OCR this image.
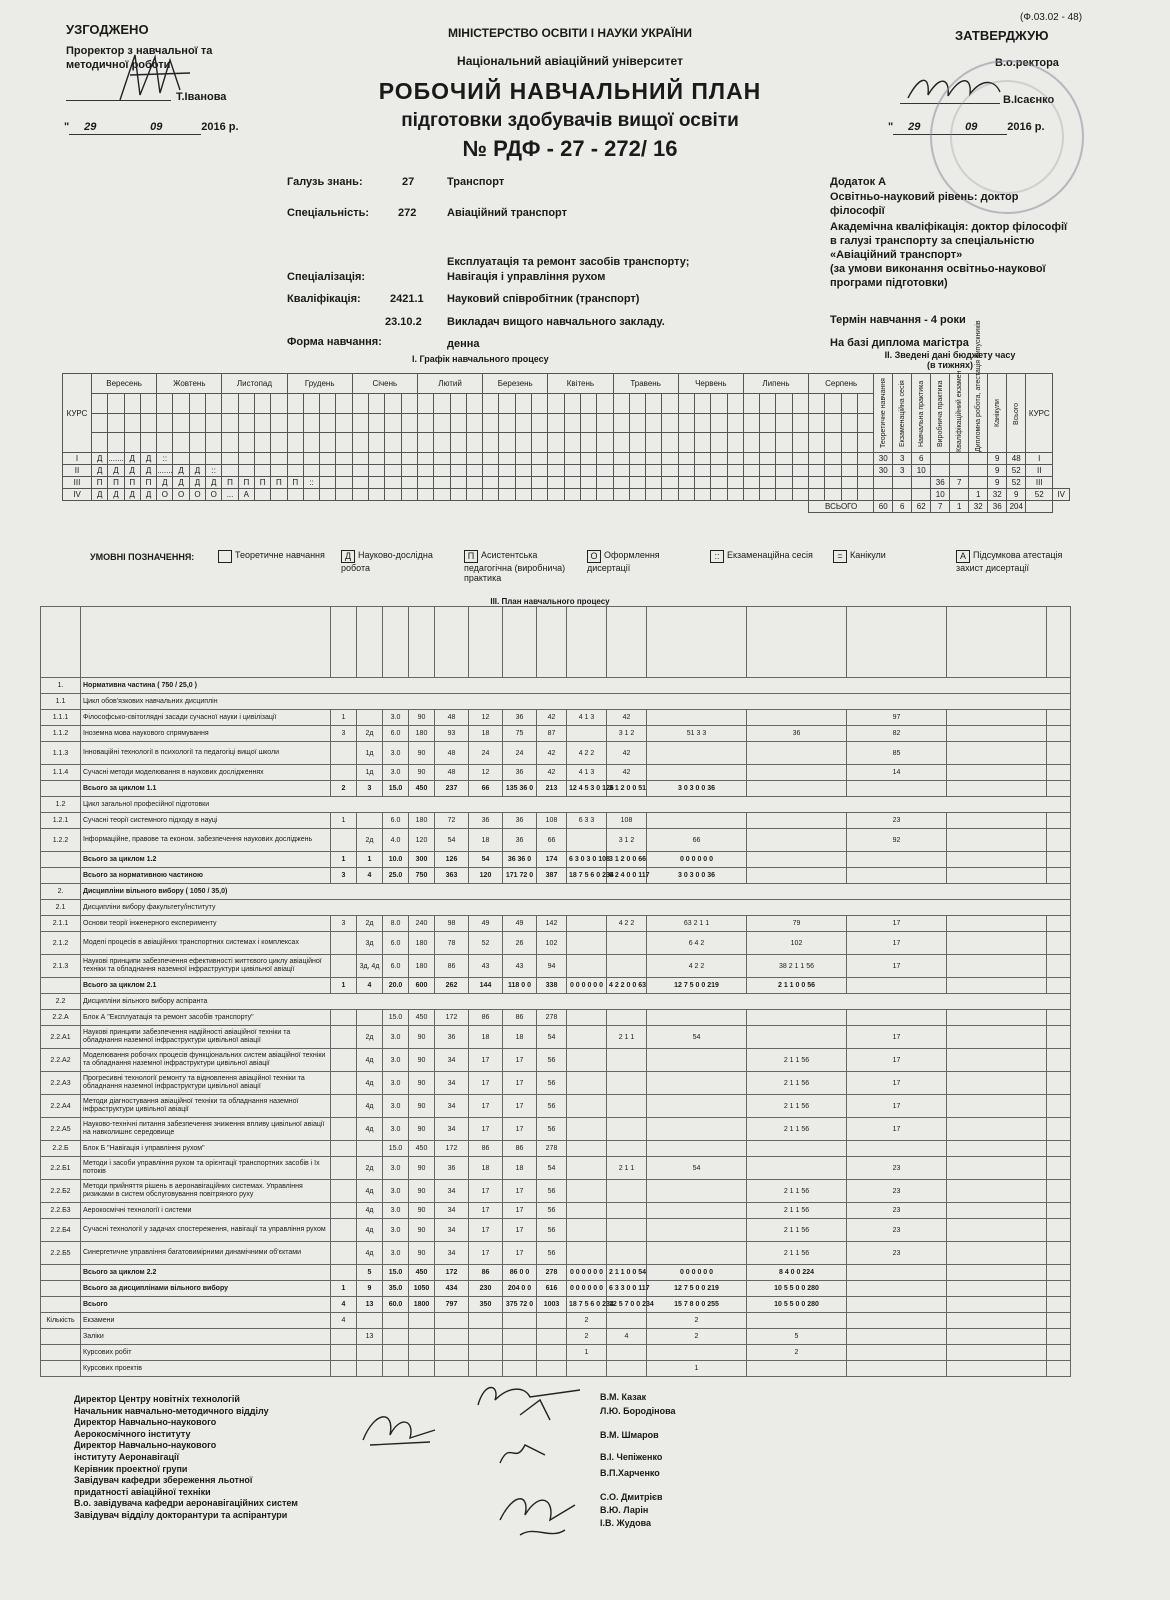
(Ф.03.02 - 48)
УЗГОДЖЕНО
Проректор з навчальної та методичної роботи
Т.Іванова
" 29	09	2016 р.
МІНІСТЕРСТВО ОСВІТИ І НАУКИ УКРАЇНИ
Національний авіаційний університет
РОБОЧИЙ НАВЧАЛЬНИЙ ПЛАН
підготовки здобувачів вищої освіти
№ РДФ - 27 - 272/ 16
ЗАТВЕРДЖУЮ
В.о.ректора
В.Ісаєнко
" 29	09	2016 р.
Галузь знань:	27	Транспорт
Спеціальність:	272	Авіаційний транспорт
Експлуатація та ремонт засобів транспорту;
Спеціалізація:	Навігація і управління рухом
Кваліфікація:	2421.1 Науковий співробітник (транспорт)
23.10.2 Викладач вищого навчального закладу.
Форма навчання:	денна
Додаток А
Освітньо-науковий рівень: доктор філософії
Академічна кваліфікація: доктор філософії в галузі транспорту за спеціальністю «Авіаційний транспорт»
(за умови виконання освітньо-наукової програми підготовки)
Термін навчання - 4 роки
На базі диплома магістра
I. Графік навчального процесу	II. Зведені дані бюджету часу
(в тижнях)
КУРС	Вересень				Жовтень				Листопад				Грудень				Січень				Лютий				Березень				Квітень				Травень				Червень				Липень				Серпень				Теоретичне навчання	Екзаменаційна сесія	Навчальна практика	Виробнича практика	Кваліфікаційний екзамен	Дипломна робота, атестація випускників	Канікули	Всього	КУРС	

I	Д	.......	Д	Д	::																																												30	3	6				9	48	I	
II	Д	Д	Д	Д	.......	Д	Д	::																																									30	3	10				9	52	II	
III	П	П	П	П	Д	Д	Д	Д	П	П	П	П	П	::																																						36	7		9	52	III	
IV	Д	Д	Д	Д	О	О	О	О	...	А																																										10		1	32	9	52	IV
																																													ВСЬОГО				60	6	62	7	1	32	36	204		
УМОВНІ ПОЗНАЧЕННЯ:	Теоретичне навчання	Д Науково-дослідна робота
П Асистентська педагогічна (виробнича) практика
О Оформлення дисертації
:: Екзаменаційна сесія	= Канікули	А Підсумкова атестація захист дисертації
III. План навчального процесу

1.	Нормативна частина ( 750 / 25,0 )															
1.1	Цикл обов'язкових навчальних дисциплін															
1.1.1	Філософсько-світоглядні засади сучасної науки і цивілізації	1		3.0	90	48	12	36	42	4 1 3	42			97		
1.1.2	Іноземна мова наукового спрямування	3	2д	6.0	180	93	18	75	87		3 1 2	51 3 3	36	82		
1.1.3	Інноваційні технології в психології та педагогіці вищої школи		1д	3.0	90	48	24	24	42	4 2 2	42			85		
1.1.4	Сучасні методи моделювання в наукових дослідженнях		1д	3.0	90	48	12	36	42	4 1 3	42			14		
	Всього за циклом 1.1	2	3	15.0	450	237	66	135 36 0	213	12 4 5 3 0 126	3 1 2 0 0 51	3 0 3 0 0 36				
1.2	Цикл загальної професійної підготовки															
1.2.1	Сучасні теорії системного підходу в науці	1		6.0	180	72	36	36	108	6 3 3	108			23		
1.2.2	Інформаційне, правове та економ. забезпечення наукових досліджень		2д	4.0	120	54	18	36	66		3 1 2	66		92		
	Всього за циклом 1.2	1	1	10.0	300	126	54	36 36 0	174	6 3 0 3 0 108	3 1 2 0 0 66	0 0 0 0 0 0				
	Всього за нормативною частиною	3	4	25.0	750	363	120	171 72 0	387	18 7 5 6 0 234	6 2 4 0 0 117	3 0 3 0 0 36				
2.	Дисципліни вільного вибору ( 1050 / 35,0)															
2.1	Дисципліни вибору факультету/інституту															
2.1.1	Основи теорії інженерного експерименту	3	2д	8.0	240	98	49	49	142		4 2 2	63 2 1 1	79	17		
2.1.2	Моделі процесів в авіаційних транспортних системах і комплексах		3д	6.0	180	78	52	26	102			6 4 2	102	17		
2.1.3	Наукові принципи забезпечення ефективності життєвого циклу авіаційної техніки та обладнання наземної інфраструктури цивільної авіації		3д, 4д	6.0	180	86	43	43	94			4 2 2	38 2 1 1 56	17		
	Всього за циклом 2.1	1	4	20.0	600	262	144	118 0 0	338	0 0 0 0 0 0	4 2 2 0 0 63	12 7 5 0 0 219	2 1 1 0 0 56			
2.2	Дисципліни вільного вибору аспіранта															
2.2.А	Блок А "Експлуатація та ремонт засобів транспорту"			15.0	450	172	86	86	278							
2.2.А1	Наукові принципи забезпечення надійності авіаційної техніки та обладнання наземної інфраструктури цивільної авіації		2д	3.0	90	36	18	18	54		2 1 1	54		17		
2.2.А2	Моделювання робочих процесів функціональних систем авіаційної техніки та обладнання наземної інфраструктури цивільної авіації		4д	3.0	90	34	17	17	56				2 1 1 56	17		
2.2.А3	Прогресивні технології ремонту та відновлення авіаційної техніки та обладнання наземної інфраструктури цивільної авіації		4д	3.0	90	34	17	17	56				2 1 1 56	17		
2.2.А4	Методи діагностування авіаційної техніки та обладнання наземної інфраструктури цивільної авіації		4д	3.0	90	34	17	17	56				2 1 1 56	17		
2.2.А5	Науково-технічні питання забезпечення зниження впливу цивільної авіації на навколишнє середовище		4д	3.0	90	34	17	17	56				2 1 1 56	17		
2.2.Б	Блок Б "Навігація і управління рухом"			15.0	450	172	86	86	278							
2.2.Б1	Методи і засоби управління рухом та орієнтації транспортних засобів і їх потоків		2д	3.0	90	36	18	18	54		2 1 1	54		23		
2.2.Б2	Методи прийняття рішень в аеронавігаційних системах. Управління ризиками в систем обслуговування повітряного руху		4д	3.0	90	34	17	17	56				2 1 1 56	23		
2.2.Б3	Аерокосмічні технології і системи		4д	3.0	90	34	17	17	56				2 1 1 56	23		
2.2.Б4	Сучасні технології у задачах спостереження, навігації та управління рухом		4д	3.0	90	34	17	17	56				2 1 1 56	23		
2.2.Б5	Синергетичне управління багатовимірними динамічними об'єктами		4д	3.0	90	34	17	17	56				2 1 1 56	23		
	Всього за циклом 2.2		5	15.0	450	172	86	86 0 0	278	0 0 0 0 0 0	2 1 1 0 0 54	0 0 0 0 0 0	8 4 0 0 224			
	Всього за дисциплінами вільного вибору	1	9	35.0	1050	434	230	204 0 0	616	0 0 0 0 0 0	6 3 3 0 0 117	12 7 5 0 0 219	10 5 5 0 0 280			
	Всього	4	13	60.0	1800	797	350	375 72 0	1003	18 7 5 6 0 234	12 5 7 0 0 234	15 7 8 0 0 255	10 5 5 0 0 280			
Кількість	Екзамени	4								2		2				
	Заліки		13							2	4	2	5			
	Курсових робіт									1			2			
	Курсових проектів											1				
Директор Центру новітніх технологій
Начальник навчально-методичного відділу
Директор Навчально-наукового
Аерокосмічного інституту
Директор Навчально-наукового
інституту Аеронавігації
Керівник проектної групи
Завідувач кафедри збереження льотної
придатності авіаційної техніки
В.о. завідувача кафедри аеронавігаційних систем
Завідувач відділу докторантури та аспірантури
В.М. Казак
Л.Ю. Бородінова
В.М. Шмаров
В.І. Чепіженко
В.П.Харченко
С.О. Дмитрієв
В.Ю. Ларін
І.В. Жудова
